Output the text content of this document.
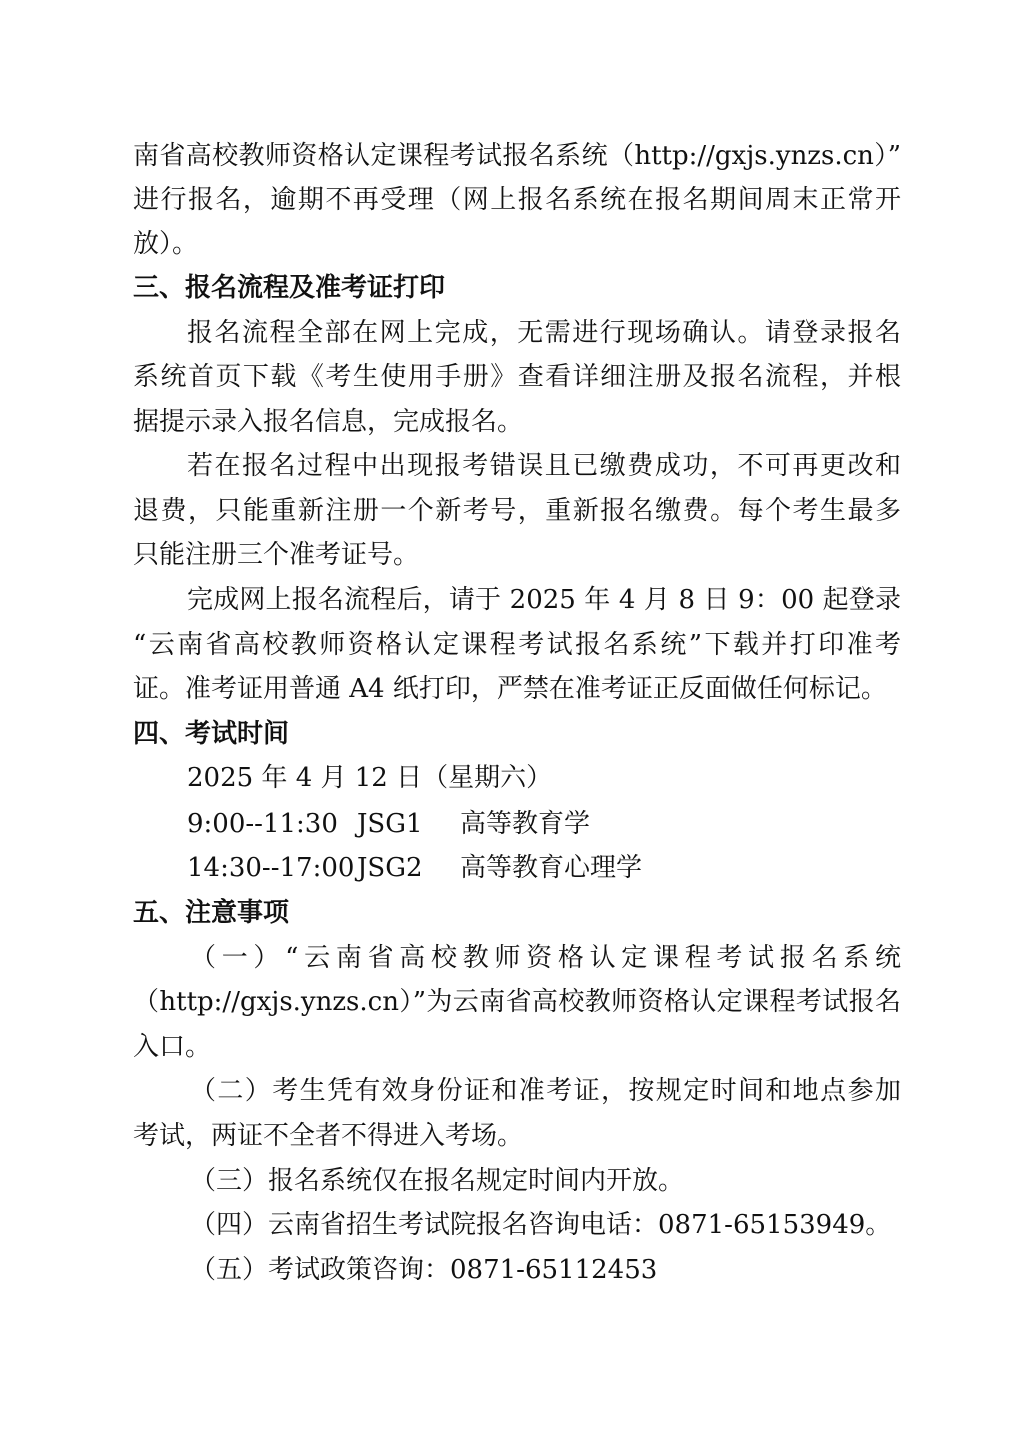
南省高校教师资格认定课程考试报名系统（http://gxjs.ynzs.cn）”
进行报名，逾期不再受理（网上报名系统在报名期间周末正常开
放）。
三、报名流程及准考证打印
报名流程全部在网上完成，无需进行现场确认。请登录报名
系统首页下载《考生使用手册》查看详细注册及报名流程，并根
据提示录入报名信息，完成报名。
若在报名过程中出现报考错误且已缴费成功，不可再更改和
退费，只能重新注册一个新考号，重新报名缴费。每个考生最多
只能注册三个准考证号。
完成网上报名流程后，请于 2025 年 4 月 8 日 9：00 起登录
“云南省高校教师资格认定课程考试报名系统”下载并打印准考
证。准考证用普通 A4 纸打印，严禁在准考证正反面做任何标记。
四、考试时间
2025 年 4 月 12 日（星期六）
9:00--11:30 JSG1 高等教育学
14:30--17:00 JSG2 高等教育心理学
五、注意事项
（一）“云南省高校教师资格认定课程考试报名系统
（http://gxjs.ynzs.cn）”为云南省高校教师资格认定课程考试报名
入口。
（二）考生凭有效身份证和准考证，按规定时间和地点参加
考试，两证不全者不得进入考场。
（三）报名系统仅在报名规定时间内开放。
（四）云南省招生考试院报名咨询电话：0871-65153949。
（五）考试政策咨询：0871-65112453
